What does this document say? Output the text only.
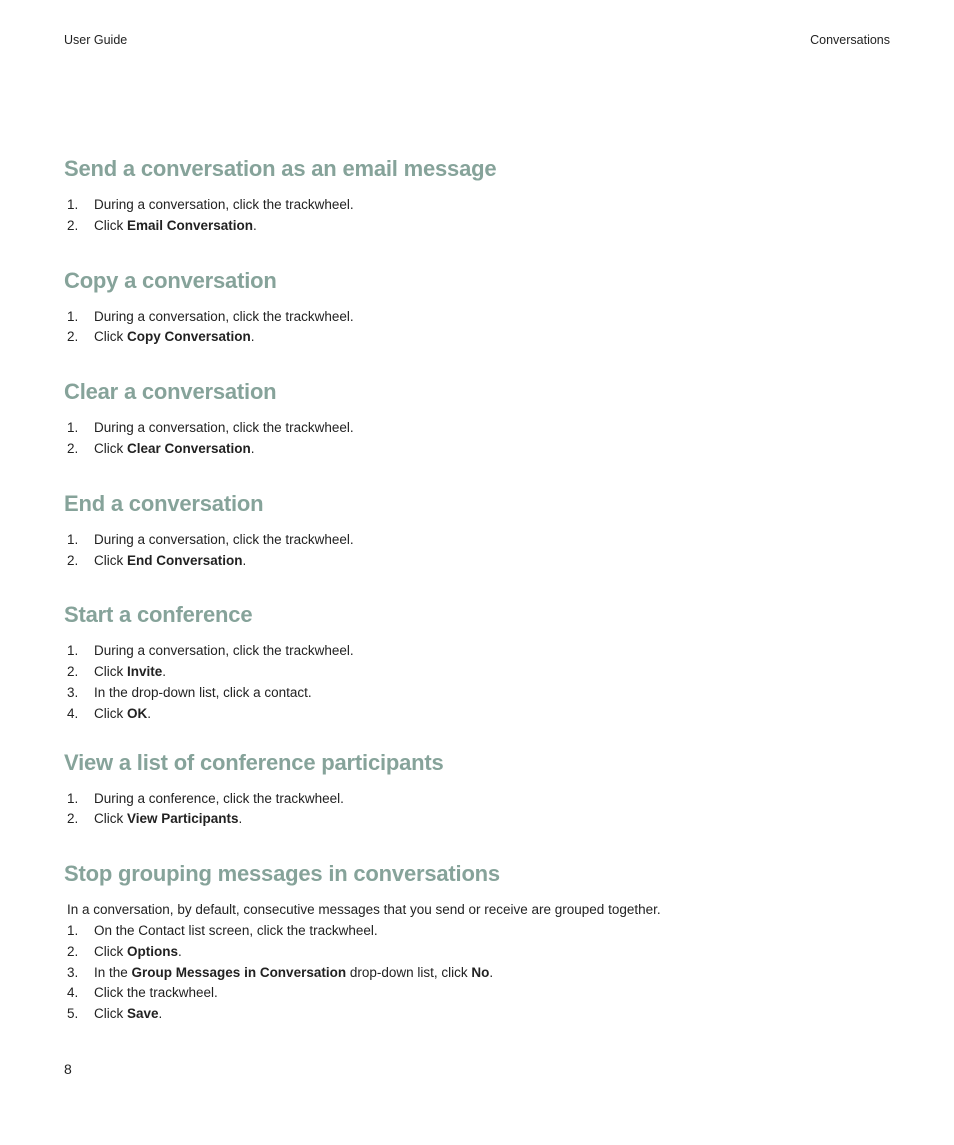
User Guide	Conversations
Send a conversation as an email message
1. During a conversation, click the trackwheel.
2. Click Email Conversation.
Copy a conversation
1. During a conversation, click the trackwheel.
2. Click Copy Conversation.
Clear a conversation
1. During a conversation, click the trackwheel.
2. Click Clear Conversation.
End a conversation
1. During a conversation, click the trackwheel.
2. Click End Conversation.
Start a conference
1. During a conversation, click the trackwheel.
2. Click Invite.
3. In the drop-down list, click a contact.
4. Click OK.
View a list of conference participants
1. During a conference, click the trackwheel.
2. Click View Participants.
Stop grouping messages in conversations

In a conversation, by default, consecutive messages that you send or receive are grouped together.

1. On the Contact list screen, click the trackwheel.
2. Click Options.
3. In the Group Messages in Conversation drop-down list, click No.
4. Click the trackwheel.
5. Click Save.
8
